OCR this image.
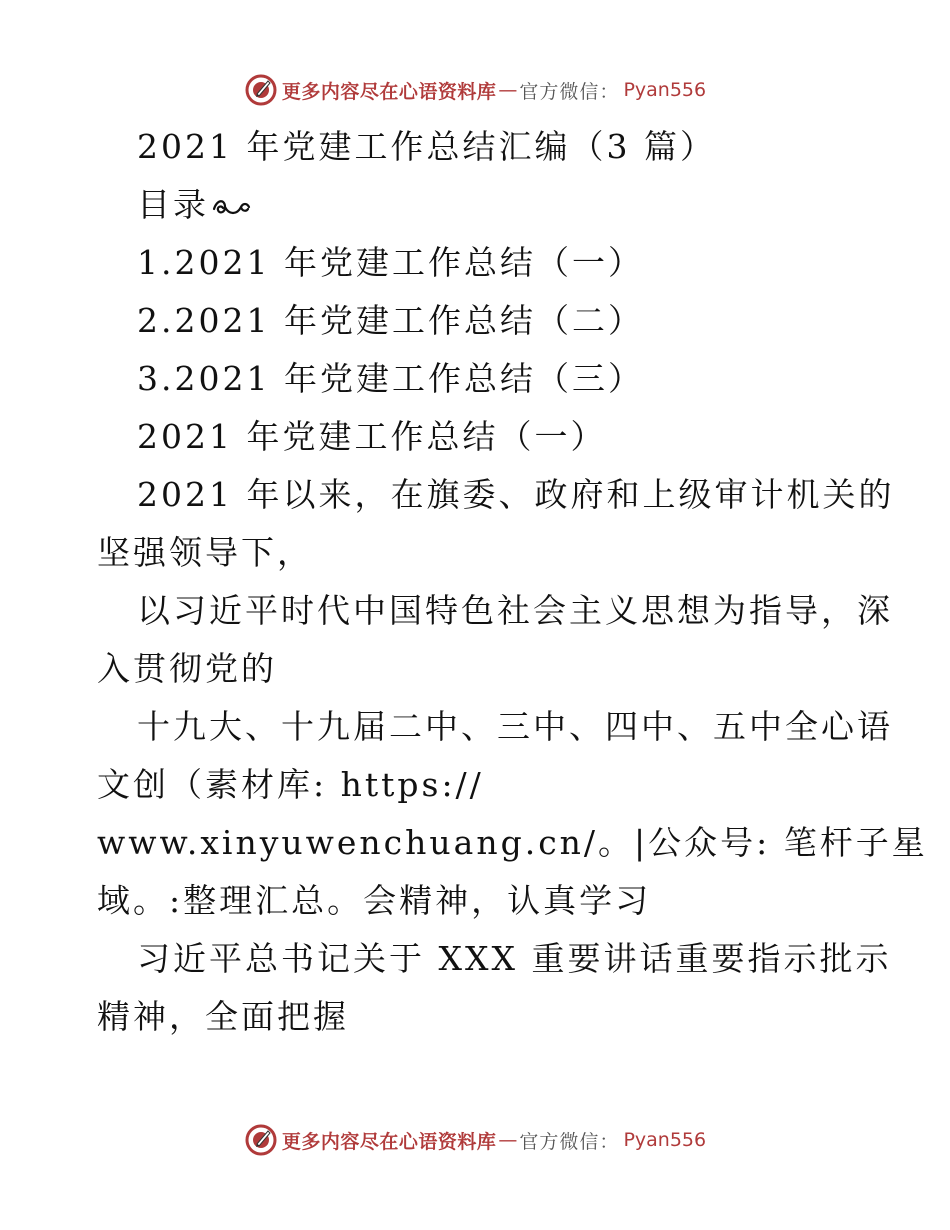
更多内容尽在心语资料库 — 官方微信： Pyan556
2021 年党建工作总结汇编（3 篇）
目录
1.2021 年党建工作总结（一）
2.2021 年党建工作总结（二）
3.2021 年党建工作总结（三）
2021 年党建工作总结（一）
2021 年以来，在旗委、政府和上级审计机关的
坚强领导下，
以习近平时代中国特色社会主义思想为指导，深
入贯彻党的
十九大、十九届二中、三中、四中、五中全心语
文创（素材库: https://
www.xinyuwenchuang.cn/。|公众号: 笔杆子星
域。:整理汇总。会精神，认真学习
习近平总书记关于 XXX 重要讲话重要指示批示
精神，全面把握
更多内容尽在心语资料库 — 官方微信： Pyan556
